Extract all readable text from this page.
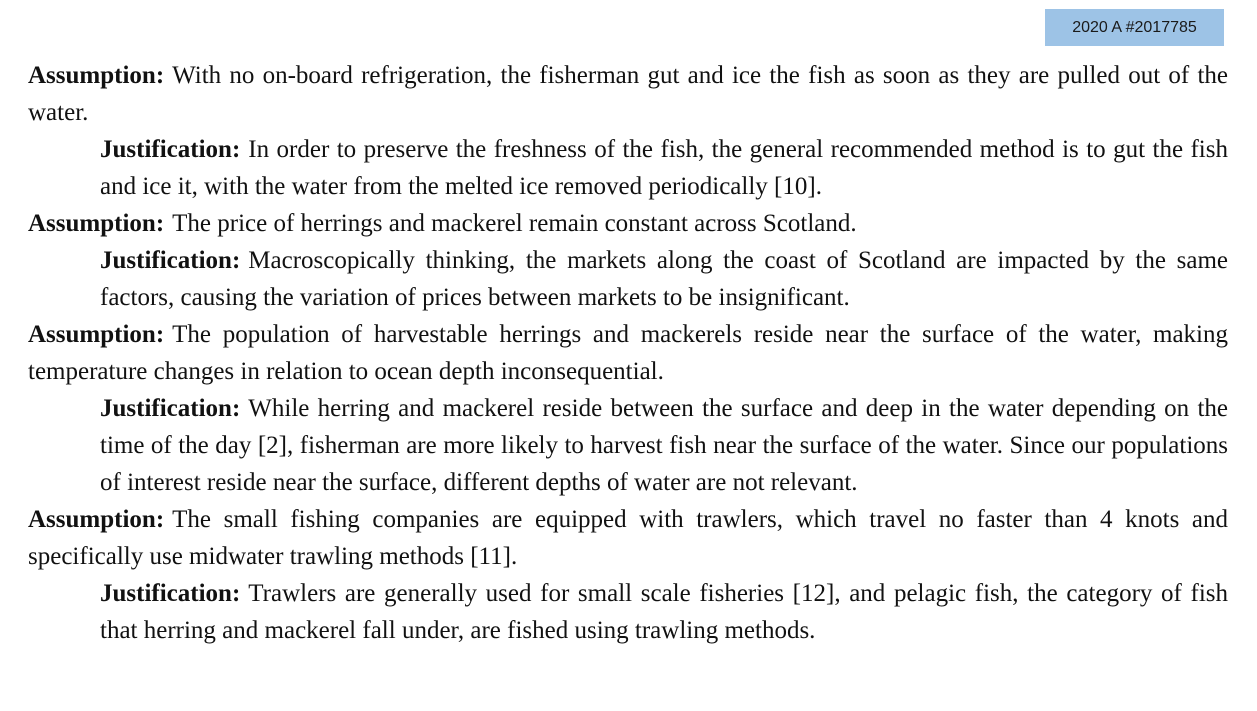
2020 A #2017785

Assumption: With no on-board refrigeration, the fisherman gut and ice the fish as soon as they are pulled out of the water.

Justification: In order to preserve the freshness of the fish, the general recommended method is to gut the fish and ice it, with the water from the melted ice removed periodically [10].

Assumption: The price of herrings and mackerel remain constant across Scotland.

Justification: Macroscopically thinking, the markets along the coast of Scotland are impacted by the same factors, causing the variation of prices between markets to be insignificant.

Assumption: The population of harvestable herrings and mackerels reside near the surface of the water, making temperature changes in relation to ocean depth inconsequential.

Justification: While herring and mackerel reside between the surface and deep in the water depending on the time of the day [2], fisherman are more likely to harvest fish near the surface of the water. Since our populations of interest reside near the surface, different depths of water are not relevant.

Assumption: The small fishing companies are equipped with trawlers, which travel no faster than 4 knots and specifically use midwater trawling methods [11].

Justification: Trawlers are generally used for small scale fisheries [12], and pelagic fish, the category of fish that herring and mackerel fall under, are fished using trawling methods.
